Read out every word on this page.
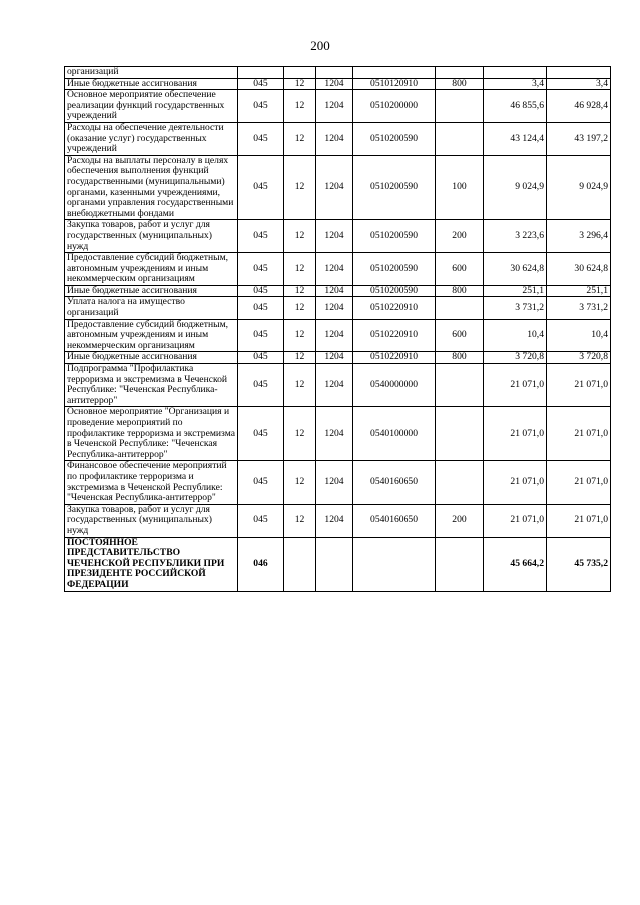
200
организаций							
Иные бюджетные ассигнования	045	12	1204	0510120910	800	3,4	3,4
Основное мероприятие обеспечение реализации функций государственных учреждений	045	12	1204	0510200000		46 855,6	46 928,4
Расходы на обеспечение деятельности (оказание услуг) государственных учреждений	045	12	1204	0510200590		43 124,4	43 197,2
Расходы на выплаты персоналу в целях обеспечения выполнения функций государственными (муниципальными) органами, казенными учреждениями, органами управления государственными внебюджетными фондами	045	12	1204	0510200590	100	9 024,9	9 024,9
Закупка товаров, работ и услуг для государственных (муниципальных) нужд	045	12	1204	0510200590	200	3 223,6	3 296,4
Предоставление субсидий бюджетным, автономным учреждениям и иным некоммерческим организациям	045	12	1204	0510200590	600	30 624,8	30 624,8
Иные бюджетные ассигнования	045	12	1204	0510200590	800	251,1	251,1
Уплата налога на имущество организаций	045	12	1204	0510220910		3 731,2	3 731,2
Предоставление субсидий бюджетным, автономным учреждениям и иным некоммерческим организациям	045	12	1204	0510220910	600	10,4	10,4
Иные бюджетные ассигнования	045	12	1204	0510220910	800	3 720,8	3 720,8
Подпрограмма "Профилактика терроризма и экстремизма в Чеченской Республике: "Чеченская Республика-антитеррор"	045	12	1204	0540000000		21 071,0	21 071,0
Основное мероприятие "Организация и проведение мероприятий по профилактике терроризма и экстремизма в Чеченской Республике: "Чеченская Республика-антитеррор"	045	12	1204	0540100000		21 071,0	21 071,0
Финансовое обеспечение мероприятий по профилактике терроризма и экстремизма в Чеченской Республике: "Чеченская Республика-антитеррор"	045	12	1204	0540160650		21 071,0	21 071,0
Закупка товаров, работ и услуг для государственных (муниципальных) нужд	045	12	1204	0540160650	200	21 071,0	21 071,0
ПОСТОЯННОЕ ПРЕДСТАВИТЕЛЬСТВО ЧЕЧЕНСКОЙ РЕСПУБЛИКИ ПРИ ПРЕЗИДЕНТЕ РОССИЙСКОЙ ФЕДЕРАЦИИ	046					45 664,2	45 735,2
